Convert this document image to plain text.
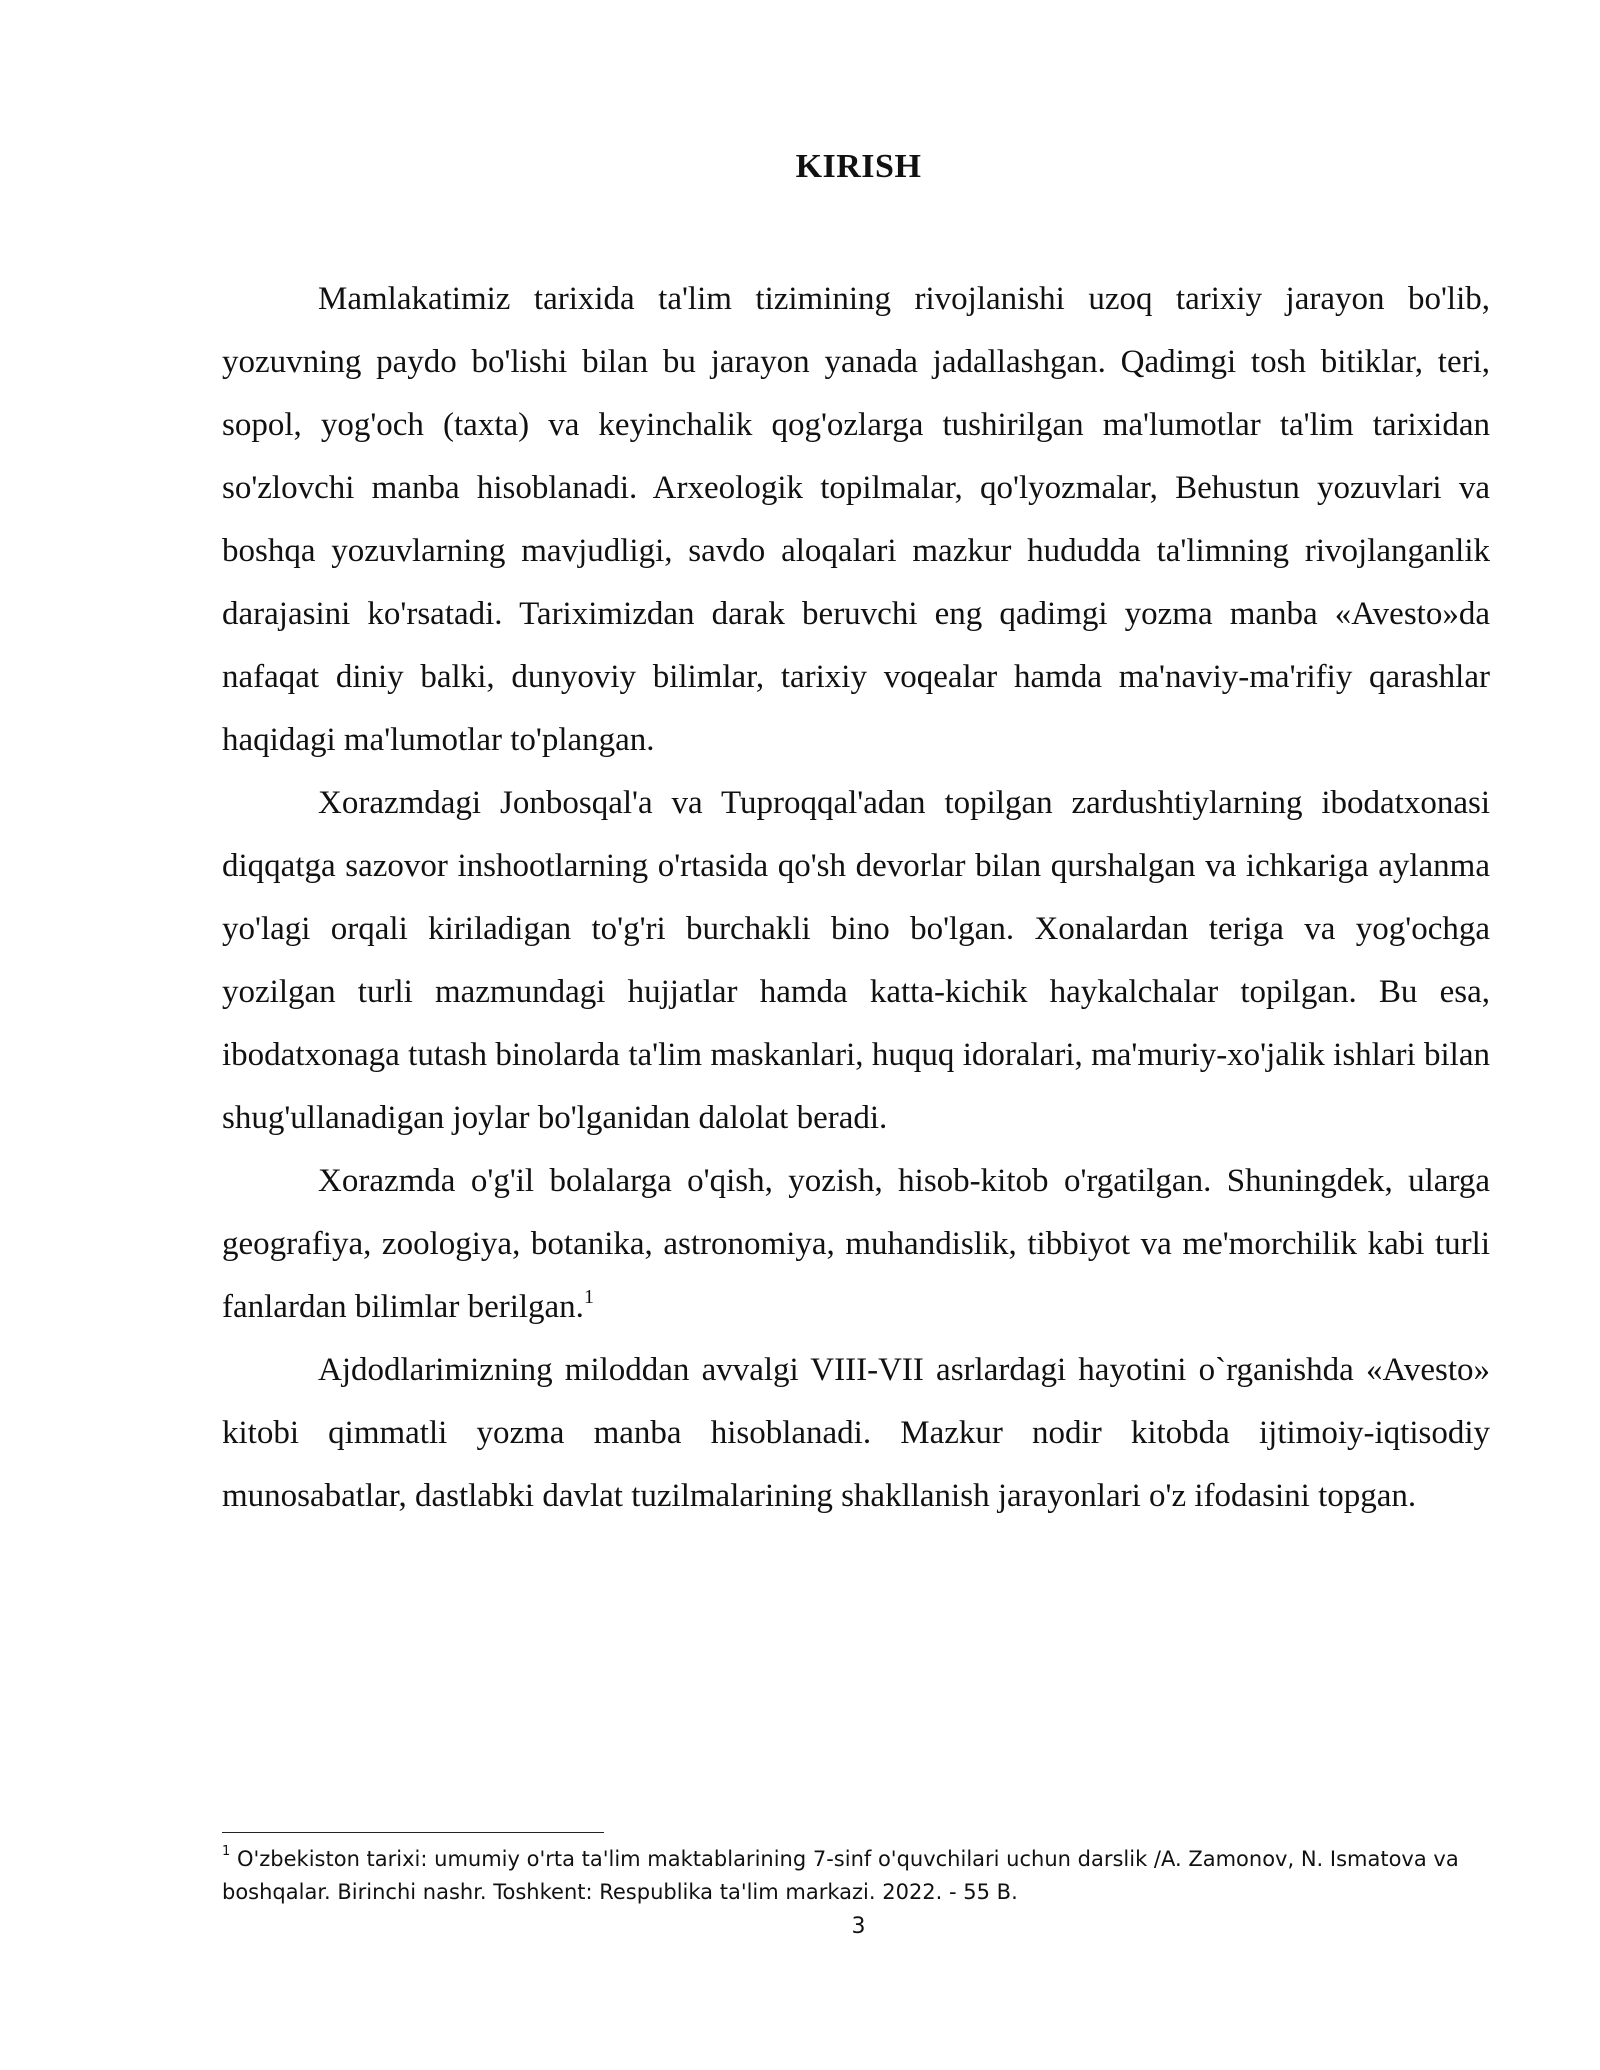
KIRISH

Mamlakatimiz tarixida ta'lim tizimining rivojlanishi uzoq tarixiy jarayon bo'lib, yozuvning paydo bo'lishi bilan bu jarayon yanada jadallashgan. Qadimgi tosh bitiklar, teri, sopol, yog'och (taxta) va keyinchalik qog'ozlarga tushirilgan ma'lumotlar ta'lim tarixidan so'zlovchi manba hisoblanadi. Arxeologik topilmalar, qo'lyozmalar, Behustun yozuvlari va boshqa yozuvlarning mavjudligi, savdo aloqalari mazkur hududda ta'limning rivojlanganlik darajasini ko'rsatadi. Tariximizdan darak beruvchi eng qadimgi yozma manba «Avesto»da nafaqat diniy balki, dunyoviy bilimlar, tarixiy voqealar hamda ma'naviy-ma'rifiy qarashlar haqidagi ma'lumotlar to'plangan.

Xorazmdagi Jonbosqal'a va Tuproqqal'adan topilgan zardushtiylarning ibodatxonasi diqqatga sazovor inshootlarning o'rtasida qo'sh devorlar bilan qurshalgan va ichkariga aylanma yo'lagi orqali kiriladigan to'g'ri burchakli bino bo'lgan. Xonalardan teriga va yog'ochga yozilgan turli mazmundagi hujjatlar hamda katta-kichik haykalchalar topilgan. Bu esa, ibodatxonaga tutash binolarda ta'lim maskanlari, huquq idoralari, ma'muriy-xo'jalik ishlari bilan shug'ullanadigan joylar bo'lganidan dalolat beradi.

Xorazmda o'g'il bolalarga o'qish, yozish, hisob-kitob o'rgatilgan. Shuningdek, ularga geografiya, zoologiya, botanika, astronomiya, muhandislik, tibbiyot va me'morchilik kabi turli fanlardan bilimlar berilgan.$^1$

Ajdodlarimizning miloddan avvalgi VIII-VII asrlardagi hayotini o`rganishda «Avesto» kitobi qimmatli yozma manba hisoblanadi. Mazkur nodir kitobda ijtimoiy-iqtisodiy munosabatlar, dastlabki davlat tuzilmalarining shakllanish jarayonlari o'z ifodasini topgan.

$^1$ O'zbekiston tarixi: umumiy o'rta ta'lim maktablarining 7-sinf o'quvchilari uchun darslik /A. Zamonov, N. Ismatova va boshqalar. Birinchi nashr. Toshkent: Respublika ta'lim markazi. 2022. - 55 B.
3
